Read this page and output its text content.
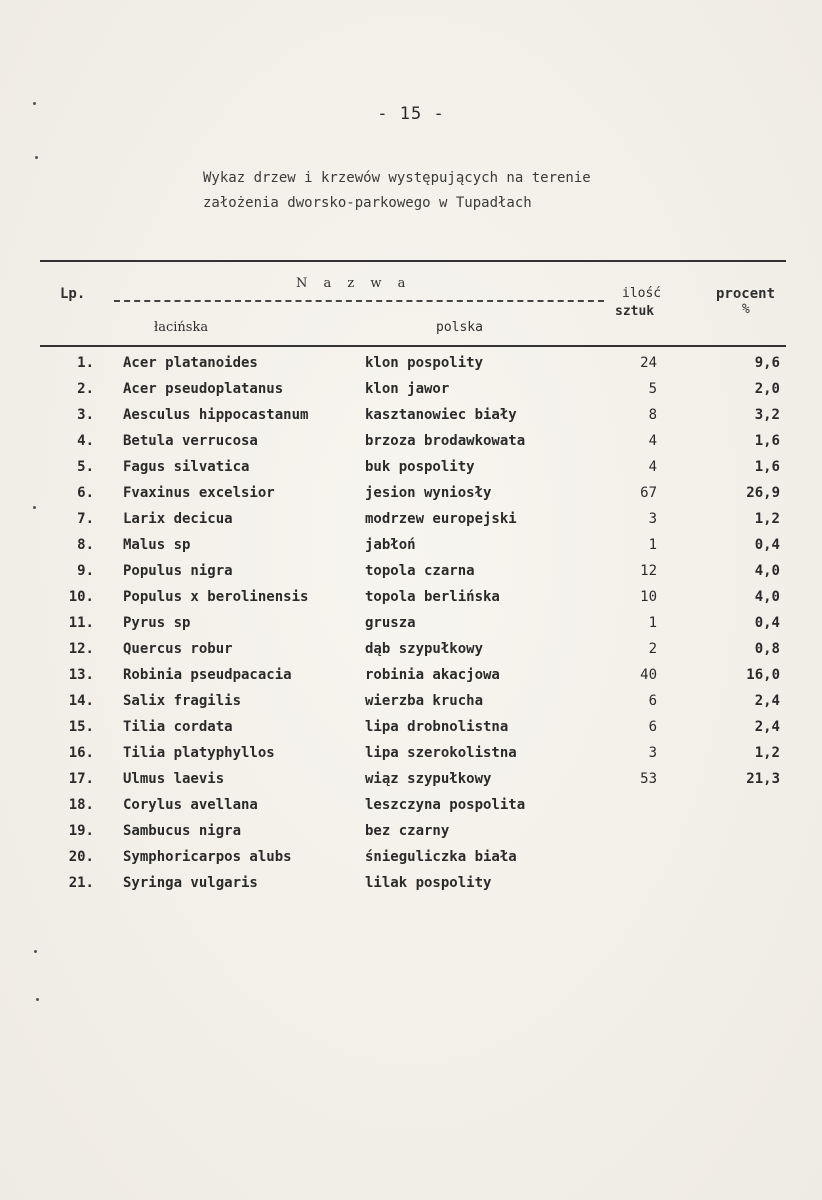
- 15 -
Wykaz drzew i krzewów występujących na terenie
założenia dworsko-parkowego w Tupadłach
Lp.
N a z w a
łacińska	polska
ilość
sztuk
procent
%
1. Acer platanoides	klon pospolity	24	9,6
2. Acer pseudoplatanus	klon jawor	5	2,0
3. Aesculus hippocastanum	kasztanowiec biały	8	3,2
4. Betula verrucosa	brzoza brodawkowata	4	1,6
5. Fagus silvatica	buk pospolity	4	1,6
6. Fvaxinus excelsior	jesion wyniosły	67	26,9
7. Larix decicua	modrzew europejski	3	1,2
8. Malus sp	jabłoń	1	0,4
9. Populus nigra	topola czarna	12	4,0
10. Populus x berolinensis	topola berlińska	10	4,0
11. Pyrus sp	grusza	1	0,4
12. Quercus robur	dąb szypułkowy	2	0,8
13. Robinia pseudpacacia	robinia akacjowa	40	16,0
14. Salix fragilis	wierzba krucha	6	2,4
15. Tilia cordata	lipa drobnolistna	6	2,4
16. Tilia platyphyllos	lipa szerokolistna	3	1,2
17. Ulmus laevis	wiąz szypułkowy	53	21,3
18. Corylus avellana	leszczyna pospolita
19. Sambucus nigra	bez czarny
20. Symphoricarpos alubs	śnieguliczka biała
21. Syringa vulgaris	lilak pospolity
